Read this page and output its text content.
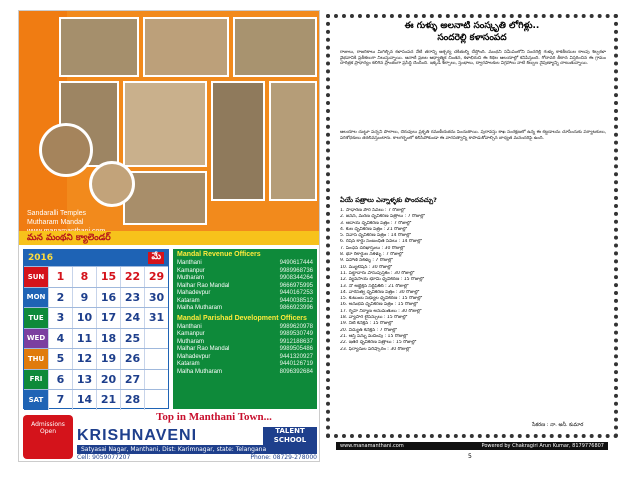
Sandaralli Temples
Mutharam Mandal
మన మంథని క్యాలెండర్
2016	మే
SUN	1	8	15 22 29
MON	2	9	16 23 30
TUE	3	10 17 24 31
WED	4	11 18 25
THU	5	12 19 26
FRI	6	13 20 27
SAT	7	14 21 28
Mandal Revenue Officers
Manthani	9490617444
Kamanpur	9989968736
Mutharam	9908344264
Malhar Rao Mandal	9666975995
Mahadevpur	9440167253
Kataram	9440038512
Malha Mutharam	9866923996
Mandal Parishad Development Officers
Manthani	9989620978
Kamanpur	9989530749
Mutharam	9912188637
Malhar Rao Mandal	9989505486
Mahadevpur	9441320927
Kataram	9440126719
Malha Mutharam	8096392684
Top in Manthani Town...
Admissions Open	KRISHNAVENI	TALENT SCHOOL
Satyasai Nagar, Manthani, Dist: Karimnagar, state: Telangana
Cell: 9059077207	Phone: 08729-278000
ఈ గుళ్ళు అలనాటి సంస్కృతి లోగిళ్లు..
సందరెల్లి కళాసంపద
రాజులు, రాజరికాలు మిగిల్చిన కళాసంపద నేటి తరాన్ని ఆశ్చర్య చకితుల్ని చేస్తోంది. మంథని సమీపంలోని సందరెల్లి గుళ్ళు కాకతీయుల కాలపు శిల్పకళా వైభవానికి ప్రతీకలుగా నిలుస్తున్నాయి. ఆనాటి ప్రజల ఆధ్యాత్మిక చింతన, కళాభిరుచి ఈ శిథిల ఆలయాల్లో కనిపిస్తుంది. గోదావరి తీరాన విస్తరించిన ఈ గ్రామం చారిత్రక ప్రాధాన్యం కలిగిన ప్రాంతంగా ప్రసిద్ధి చెందింది. ఇక్కడి శిల్పాలు, స్తంభాలు, ద్వారపాలకుల విగ్రహాలు నాటి శిల్పుల నైపుణ్యాన్ని చాటుతున్నాయి.
ఆలయాల చుట్టూ పచ్చని పొలాలు, చెరువులు ప్రకృతి రమణీయతను పెంచుతాయి. పురావస్తు శాఖ సంరక్షణలో ఉన్న ఈ కట్టడాలను చూసేందుకు పర్యాటకులు, పరిశోధకులు తరలివస్తుంటారు. కాలగర్భంలో కలిసిపోకుండా ఈ వారసత్వాన్ని కాపాడుకోవాల్సిన బాధ్యత మనందరిపై ఉంది.
ఏయే పత్రాలు ఎన్నాళ్ళకు పొందవచ్చు?
1. సాధారణ పౌర సేవలు : 7 రోజుల్లో
2. జనన, మరణ ధృవీకరణ పత్రాలు : 7 రోజుల్లో
3. ఆదాయ ధృవీకరణ పత్రం : 7 రోజుల్లో
4. కుల ధృవీకరణ పత్రం : 21 రోజుల్లో
5. నివాస ధృవీకరణ పత్రం : 14 రోజుల్లో
6. రేషన్ కార్డు సంబంధిత సేవలు : 14 రోజుల్లో
7. పింఛన్ దరఖాస్తులు : 30 రోజుల్లో
8. భూ రికార్డుల నకళ్ళు : 7 రోజుల్లో
9. పహాణీ నకళ్ళు : 7 రోజుల్లో
10. మ్యుటేషన్ : 30 రోజుల్లో
11. పట్టాదారు పాసుపుస్తకం : 30 రోజుల్లో
12. వ్యవసాయ భూమి ధృవీకరణ : 15 రోజుల్లో
13. నో అబ్జెక్షన్ సర్టిఫికెట్ : 21 రోజుల్లో
14. వారసత్వ ధృవీకరణ పత్రం : 30 రోజుల్లో
15. కుటుంబ సభ్యుల ధృవీకరణ : 15 రోజుల్లో
16. అనుభవ ధృవీకరణ పత్రం : 15 రోజుల్లో
17. గృహ నిర్మాణ అనుమతులు : 30 రోజుల్లో
18. వ్యాపార లైసెన్సులు : 15 రోజుల్లో
19. నీటి కనెక్షన్ : 15 రోజుల్లో
20. విద్యుత్ కనెక్షన్ : 7 రోజుల్లో
21. ఆస్తి పన్ను మదింపు : 15 రోజుల్లో
22. ఇతర ధృవీకరణ పత్రాలు : 15 రోజుల్లో
23. ఫిర్యాదుల పరిష్కారం : 30 రోజుల్లో
సేకరణ : నా. అనీ. కుమార
www.manamanthani.com	Powered by Chakragiri Arun Kumar, 8179776807
5
